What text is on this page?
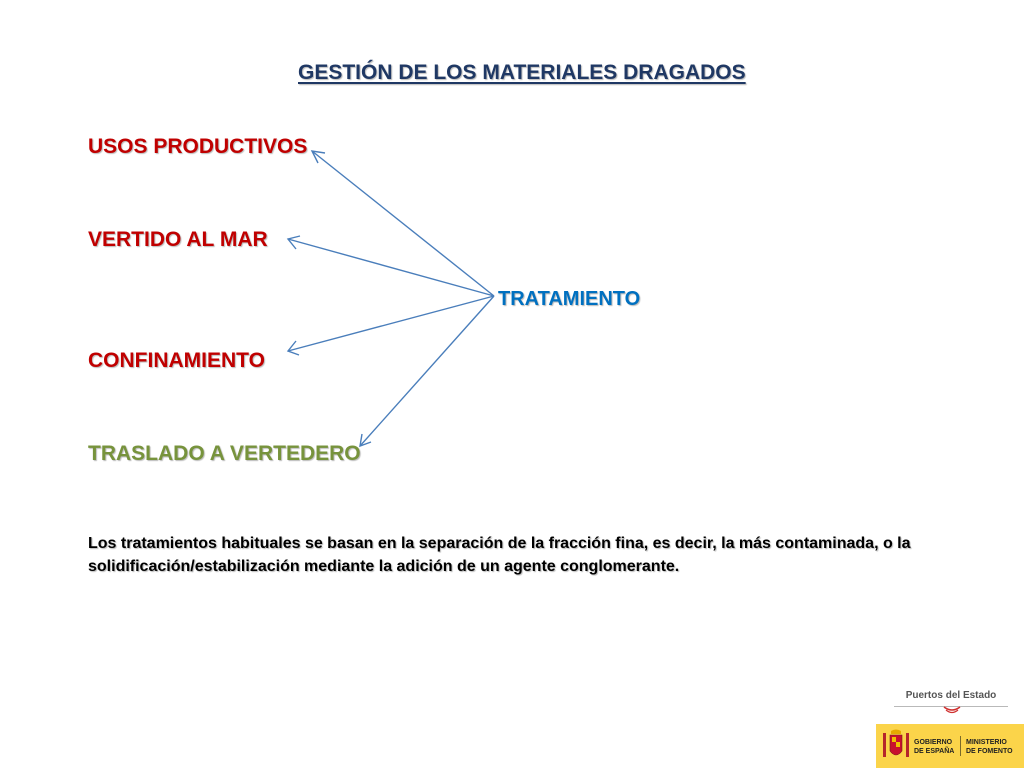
GESTIÓN DE LOS MATERIALES DRAGADOS
USOS PRODUCTIVOS
VERTIDO AL MAR
CONFINAMIENTO
TRASLADO A VERTEDERO
TRATAMIENTO
Los tratamientos habituales se basan en la separación de la fracción fina, es decir, la más contaminada, o la solidificación/estabilización mediante la adición de un agente conglomerante.
Puertos del Estado
GOBIERNO
DE ESPAÑA
MINISTERIO
DE FOMENTO
